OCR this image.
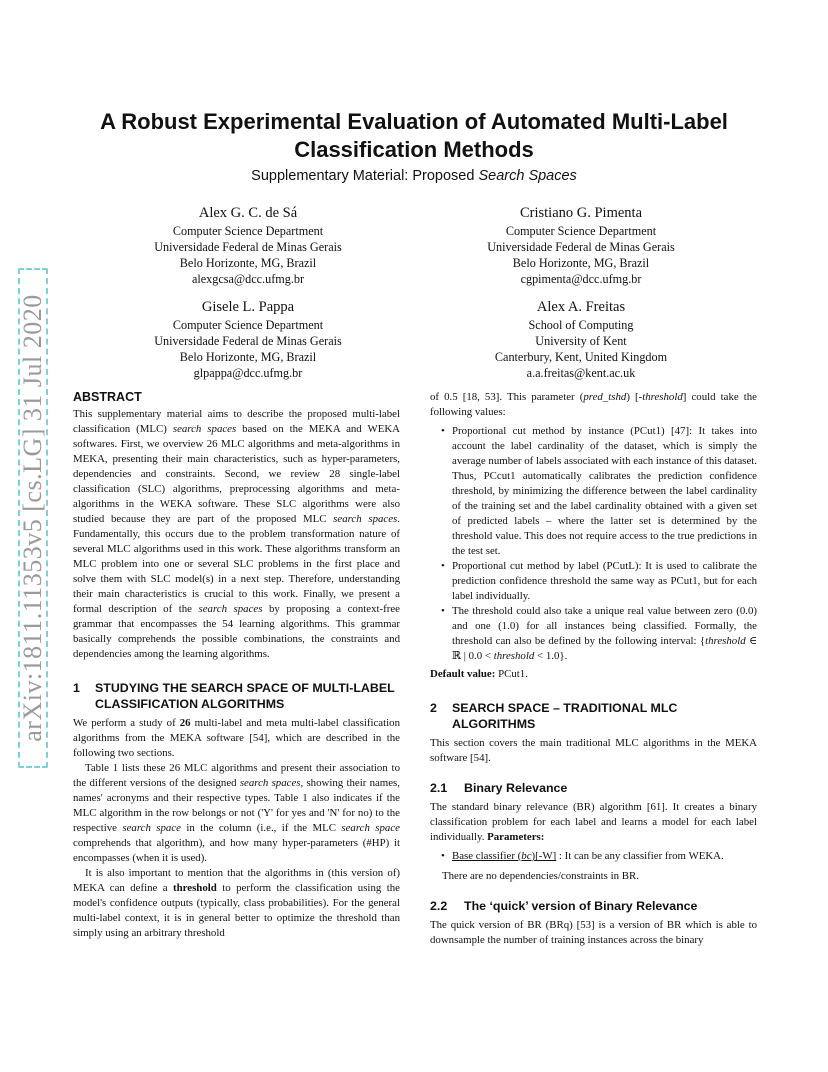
arXiv:1811.11353v5 [cs.LG] 31 Jul 2020
A Robust Experimental Evaluation of Automated Multi-Label Classification Methods
Supplementary Material: Proposed Search Spaces
Alex G. C. de Sá
Computer Science Department
Universidade Federal de Minas Gerais
Belo Horizonte, MG, Brazil
alexgcsa@dcc.ufmg.br
Cristiano G. Pimenta
Computer Science Department
Universidade Federal de Minas Gerais
Belo Horizonte, MG, Brazil
cgpimenta@dcc.ufmg.br
Gisele L. Pappa
Computer Science Department
Universidade Federal de Minas Gerais
Belo Horizonte, MG, Brazil
glpappa@dcc.ufmg.br
Alex A. Freitas
School of Computing
University of Kent
Canterbury, Kent, United Kingdom
a.a.freitas@kent.ac.uk
ABSTRACT

This supplementary material aims to describe the proposed multi-label classification (MLC) search spaces based on the MEKA and WEKA softwares. First, we overview 26 MLC algorithms and meta-algorithms in MEKA, presenting their main characteristics, such as hyper-parameters, dependencies and constraints. Second, we review 28 single-label classification (SLC) algorithms, preprocessing algorithms and meta-algorithms in the WEKA software. These SLC algorithms were also studied because they are part of the proposed MLC search spaces. Fundamentally, this occurs due to the problem transformation nature of several MLC algorithms used in this work. These algorithms transform an MLC problem into one or several SLC problems in the first place and solve them with SLC model(s) in a next step. Therefore, understanding their main characteristics is crucial to this work. Finally, we present a formal description of the search spaces by proposing a context-free grammar that encompasses the 54 learning algorithms. This grammar basically comprehends the possible combinations, the constraints and dependencies among the learning algorithms.

1	STUDYING THE SEARCH SPACE OF MULTI-LABEL CLASSIFICATION ALGORITHMS

We perform a study of 26 multi-label and meta multi-label classification algorithms from the MEKA software [54], which are described in the following two sections.

Table 1 lists these 26 MLC algorithms and present their association to the different versions of the designed search spaces, showing their names, names' acronyms and their respective types. Table 1 also indicates if the MLC algorithm in the row belongs or not ('Y' for yes and 'N' for no) to the respective search space in the column (i.e., if the MLC search space comprehends that algorithm), and how many hyper-parameters (#HP) it encompasses (when it is used).

It is also important to mention that the algorithms in (this version of) MEKA can define a threshold to perform the classification using the model's confidence outputs (typically, class probabilities). For the general multi-label context, it is in general better to optimize the threshold than simply using an arbitrary threshold

of 0.5 [18, 53]. This parameter (pred_tshd) [-threshold] could take the following values:

• Proportional cut method by instance (PCut1) [47]: It takes into account the label cardinality of the dataset, which is simply the average number of labels associated with each instance of this dataset. Thus, PCcut1 automatically calibrates the prediction confidence threshold, by minimizing the difference between the label cardinality of the training set and the label cardinality obtained with a given set of predicted labels – where the latter set is determined by the threshold value. This does not require access to the true predictions in the test set.
• Proportional cut method by label (PCutL): It is used to calibrate the prediction confidence threshold the same way as PCut1, but for each label individually.
• The threshold could also take a unique real value between zero (0.0) and one (1.0) for all instances being classified. Formally, the threshold can also be defined by the following interval: {threshold ∈ ℝ | 0.0 < threshold < 1.0}.

Default value: PCut1.

2	SEARCH SPACE – TRADITIONAL MLC ALGORITHMS

This section covers the main traditional MLC algorithms in the MEKA software [54].

2.1	Binary Relevance

The standard binary relevance (BR) algorithm [61]. It creates a binary classification problem for each label and learns a model for each label individually. Parameters:

• Base classifier (bc)[-W] : It can be any classifier from WEKA.

There are no dependencies/constraints in BR.

2.2	The ‘quick’ version of Binary Relevance

The quick version of BR (BRq) [53] is a version of BR which is able to downsample the number of training instances across the binary
